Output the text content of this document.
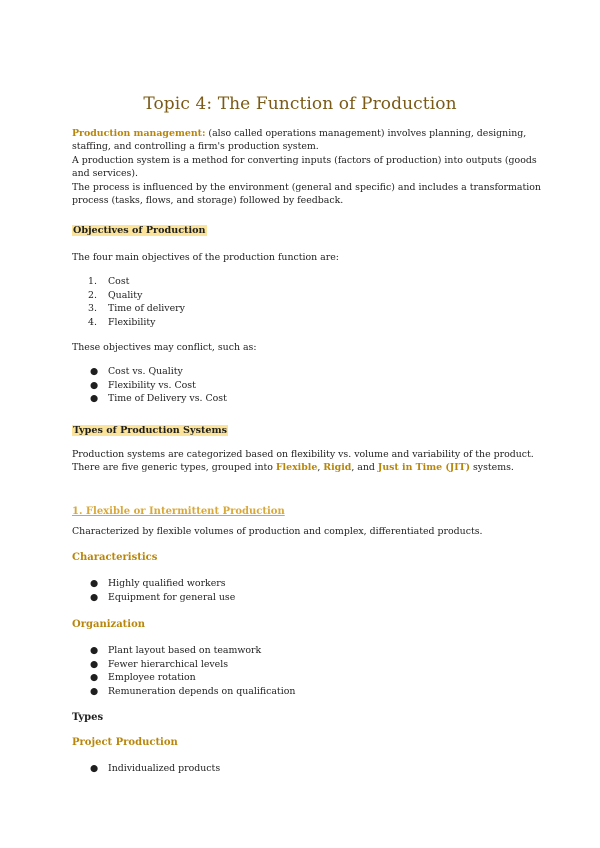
Topic 4: The Function of Production
Production management: (also called operations management) involves planning, designing, staffing, and controlling a firm's production system.
A production system is a method for converting inputs (factors of production) into outputs (goods and services).
The process is influenced by the environment (general and specific) and includes a transformation process (tasks, flows, and storage) followed by feedback.
Objectives of Production
The four main objectives of the production function are:
1. Cost
2. Quality
3. Time of delivery
4. Flexibility
These objectives may conflict, such as:
● Cost vs. Quality
● Flexibility vs. Cost
● Time of Delivery vs. Cost
Types of Production Systems
Production systems are categorized based on flexibility vs. volume and variability of the product.
There are five generic types, grouped into Flexible, Rigid, and Just in Time (JIT) systems.
1. Flexible or Intermittent Production
Characterized by flexible volumes of production and complex, differentiated products.
Characteristics
● Highly qualified workers
● Equipment for general use
Organization
● Plant layout based on teamwork
● Fewer hierarchical levels
● Employee rotation
● Remuneration depends on qualification
Types
Project Production
● Individualized products
